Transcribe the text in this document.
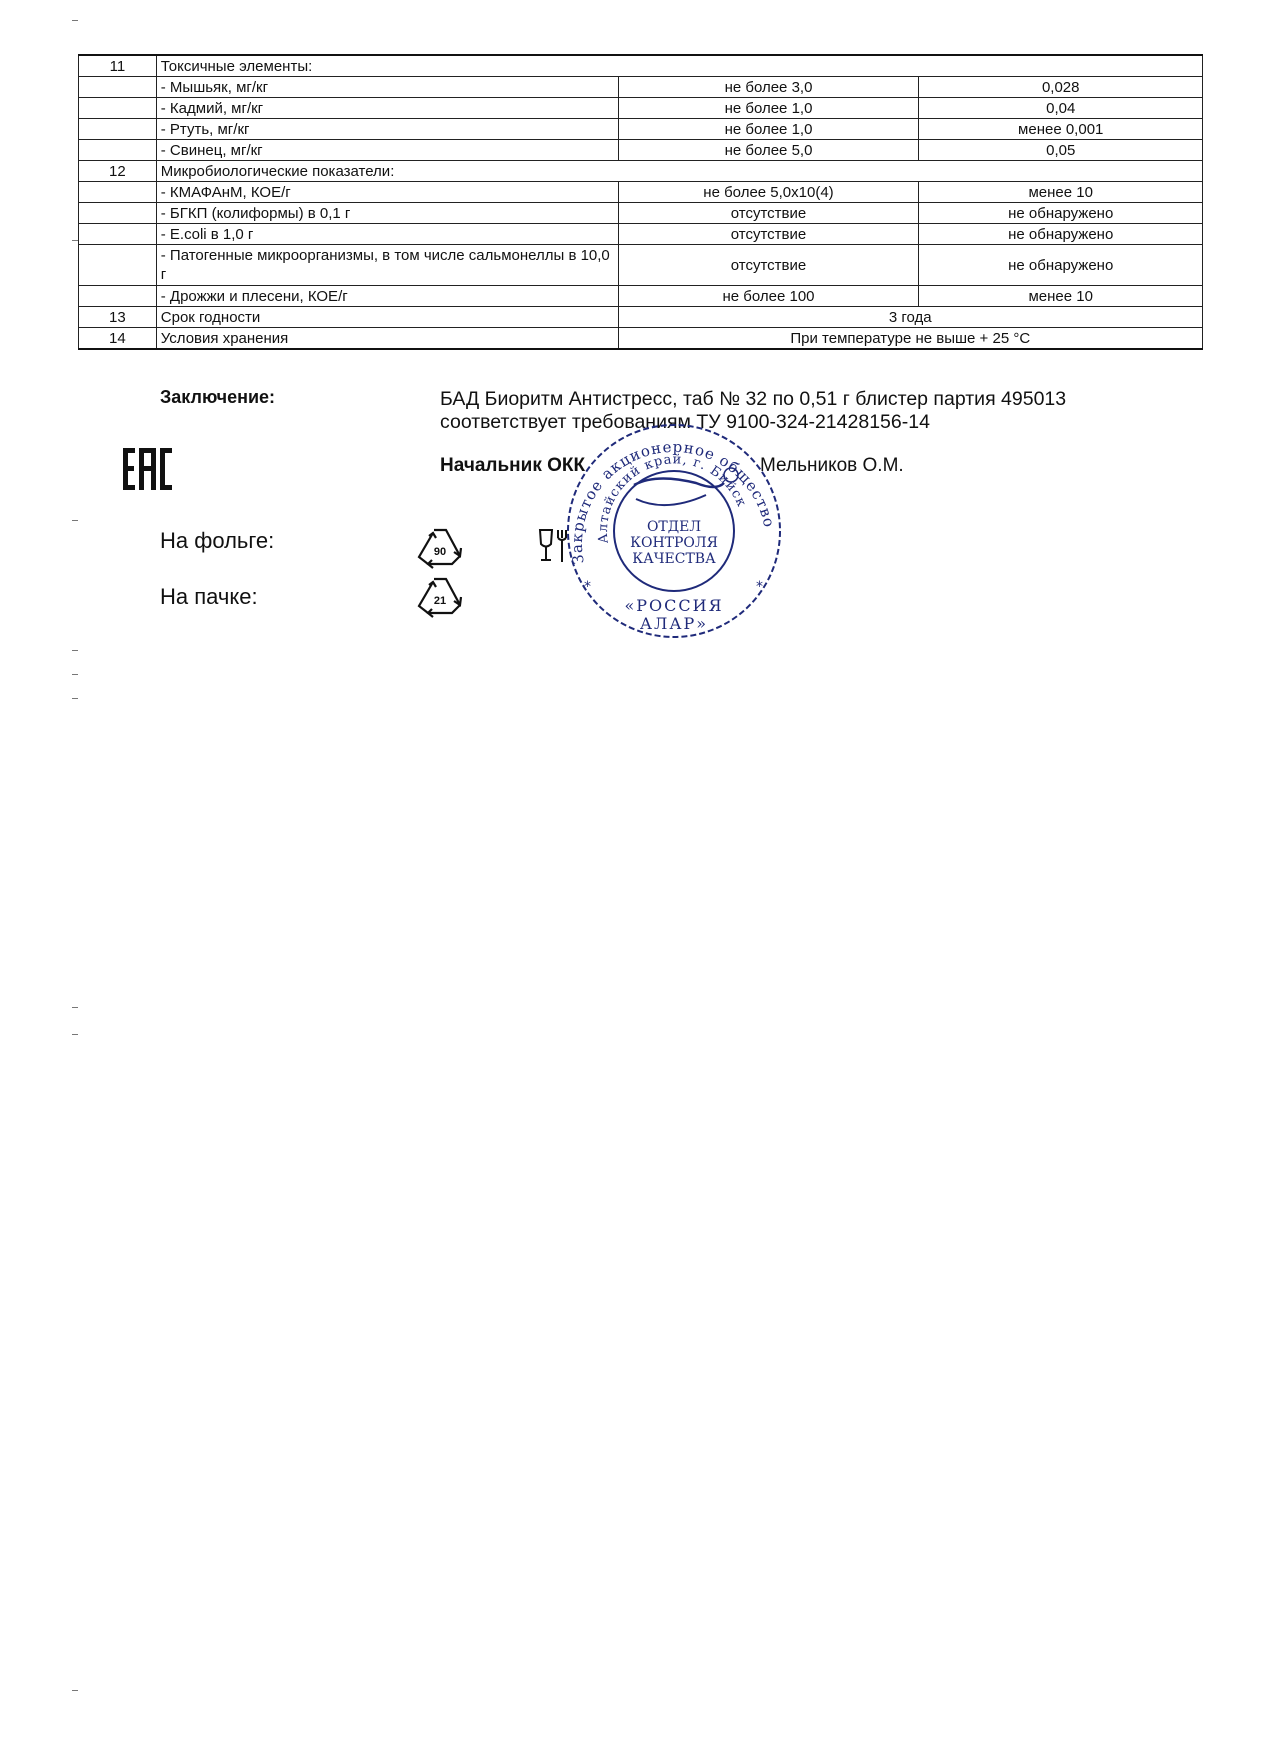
11	Токсичные элементы:		
	- Мышьяк, мг/кг	не более 3,0	0,028
	- Кадмий, мг/кг	не более 1,0	0,04
	- Ртуть, мг/кг	не более 1,0	менее 0,001
	- Свинец, мг/кг	не более 5,0	0,05
12	Микробиологические показатели:		
	- КМАФАнМ, КОЕ/г	не более 5,0х10(4)	менее 10
	- БГКП (колиформы) в 0,1 г	отсутствие	не обнаружено
	- E.coli в 1,0 г	отсутствие	не обнаружено
	- Патогенные микроорганизмы, в том числе сальмонеллы в 10,0 г	отсутствие	не обнаружено
	- Дрожжи и плесени, КОЕ/г	не более 100	менее 10
13	Срок годности	3 года	
14	Условия хранения	При температуре не выше + 25 °С	
Заключение:	БАД Биоритм Антистресс, таб № 32 по 0,51 г блистер партия 495013
соответствует требованиям ТУ 9100-324-21428156-14
Начальник ОКК	Мельников О.М.
На фольге:
На пачке:
90
21
Закрытое акционерное общество
Алтайский край, г. Бийск
ОТДЕЛ
КОНТРОЛЯ
КАЧЕСТВА
«РОССИЯ
АЛАР»
*	*
